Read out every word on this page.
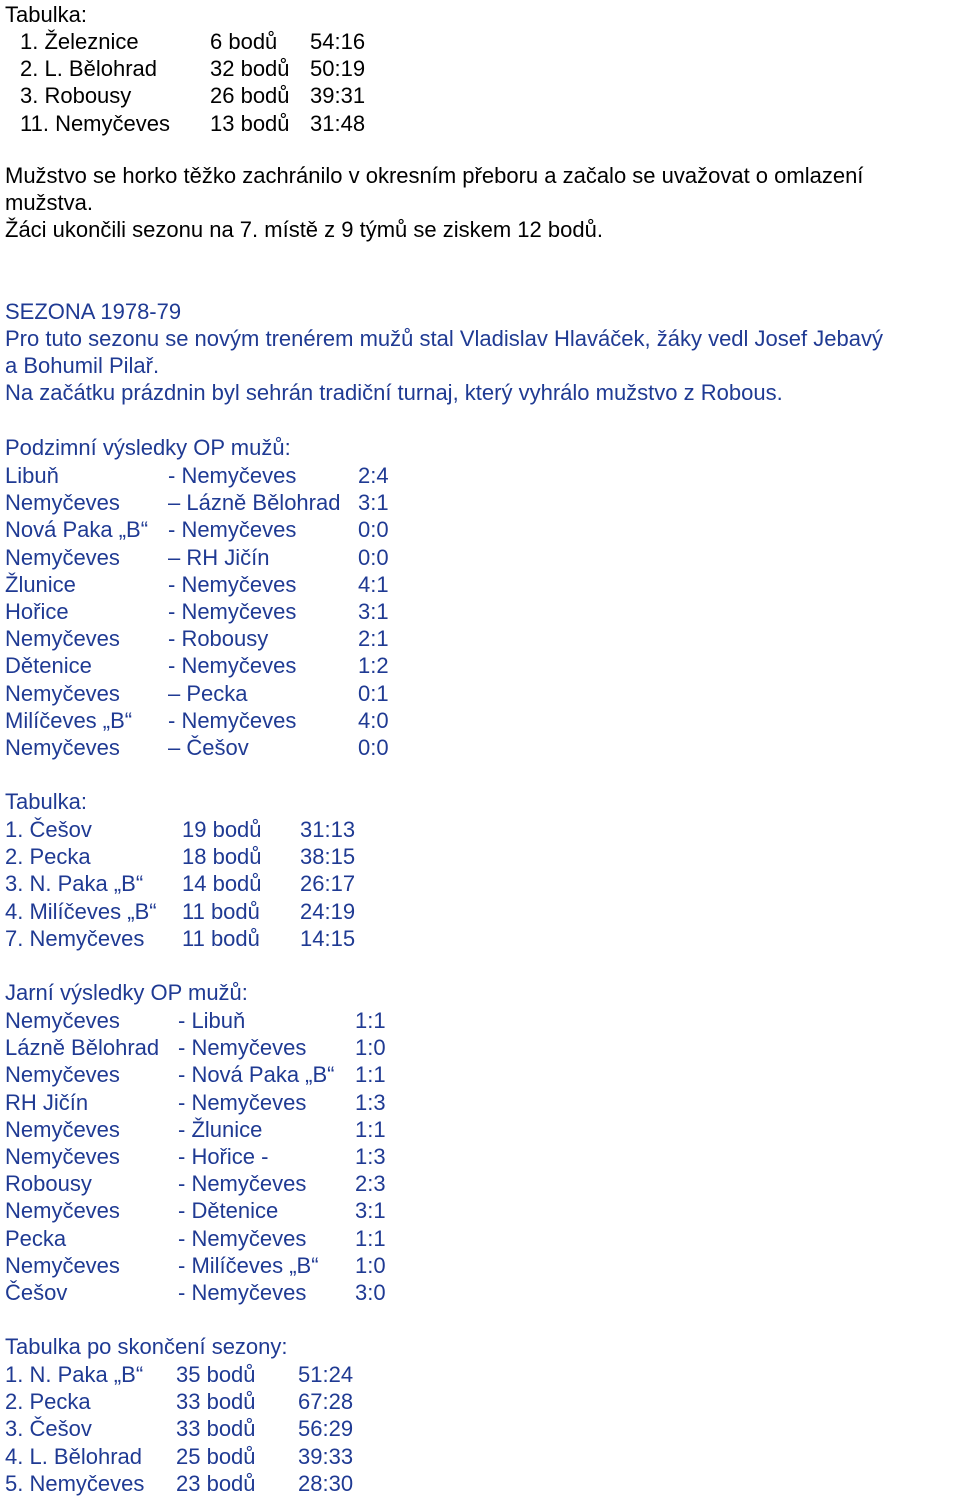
Tabulka:
1. Železnice	6 bodů 54:16
2. L. Bělohrad 32 bodů 50:19
3. Robousy	26 bodů 39:31
11. Nemyčeves 13 bodů 31:48
Mužstvo se horko těžko zachránilo v okresním přeboru a začalo se uvažovat o omlazení
mužstva.
Žáci ukončili sezonu na 7. místě z 9 týmů se ziskem 12 bodů.
SEZONA 1978-79
Pro tuto sezonu se novým trenérem mužů stal Vladislav Hlaváček, žáky vedl Josef Jebavý
a Bohumil Pilař.
Na začátku prázdnin byl sehrán tradiční turnaj, který vyhrálo mužstvo z Robous.
Podzimní výsledky OP mužů:
Libuň	- Nemyčeves	2:4
Nemyčeves – Lázně Bělohrad 3:1
Nová Paka „B“ - Nemyčeves	0:0
Nemyčeves – RH Jičín	0:0
Žlunice	- Nemyčeves	4:1
Hořice	- Nemyčeves	3:1
Nemyčeves - Robousy	2:1
Dětenice	- Nemyčeves	1:2
Nemyčeves – Pecka	0:1
Milíčeves „B“ - Nemyčeves	4:0
Nemyčeves – Češov	0:0
Tabulka:
1. Češov	19 bodů 31:13
2. Pecka	18 bodů 38:15
3. N. Paka „B“ 14 bodů 26:17
4. Milíčeves „B“ 11 bodů 24:19
7. Nemyčeves 11 bodů 14:15
Jarní výsledky OP mužů:
Nemyčeves	- Libuň	1:1
Lázně Bělohrad - Nemyčeves 1:0
Nemyčeves	- Nová Paka „B“ 1:1
RH Jičín	- Nemyčeves 1:3
Nemyčeves	- Žlunice	1:1
Nemyčeves	- Hořice -	1:3
Robousy	- Nemyčeves 2:3
Nemyčeves	- Dětenice	3:1
Pecka	- Nemyčeves 1:1
Nemyčeves	- Milíčeves „B“ 1:0
Češov	- Nemyčeves 3:0
Tabulka po skončení sezony:
1. N. Paka „B“ 35 bodů 51:24
2. Pecka	33 bodů 67:28
3. Češov	33 bodů 56:29
4. L. Bělohrad 25 bodů 39:33
5. Nemyčeves 23 bodů 28:30
